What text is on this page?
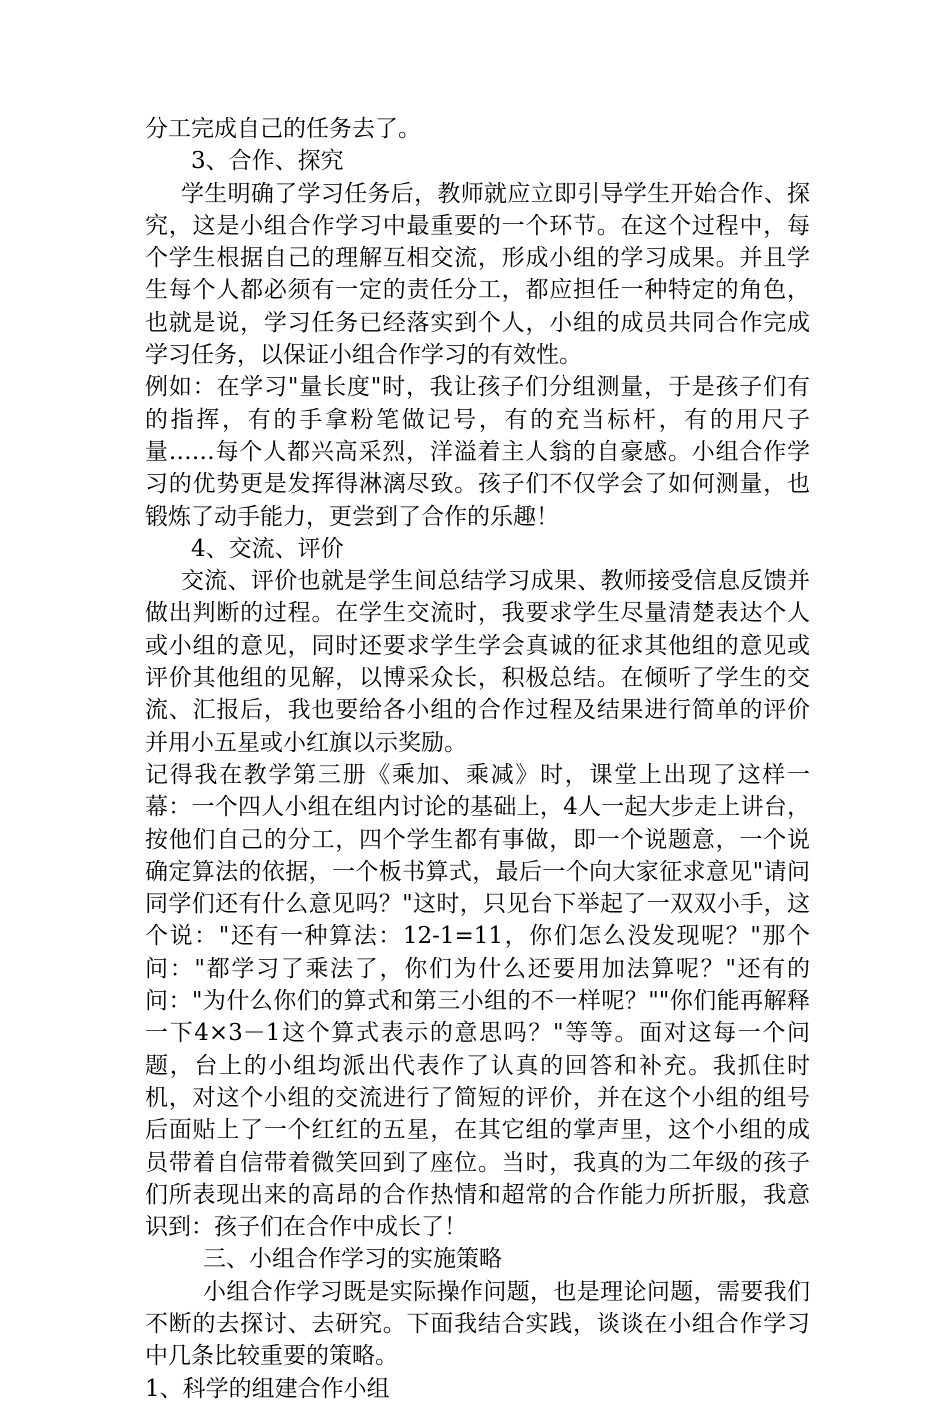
分工完成自己的任务去了。

3、合作、探究

学生明确了学习任务后，教师就应立即引导学生开始合作、探究，这是小组合作学习中最重要的一个环节。在这个过程中，每个学生根据自己的理解互相交流，形成小组的学习成果。并且学生每个人都必须有一定的责任分工，都应担任一种特定的角色，也就是说，学习任务已经落实到个人，小组的成员共同合作完成学习任务，以保证小组合作学习的有效性。

例如：在学习"量长度"时，我让孩子们分组测量，于是孩子们有的指挥，有的手拿粉笔做记号，有的充当标杆，有的用尺子量……每个人都兴高采烈，洋溢着主人翁的自豪感。小组合作学习的优势更是发挥得淋漓尽致。孩子们不仅学会了如何测量，也锻炼了动手能力，更尝到了合作的乐趣！

4、交流、评价

交流、评价也就是学生间总结学习成果、教师接受信息反馈并做出判断的过程。在学生交流时，我要求学生尽量清楚表达个人或小组的意见，同时还要求学生学会真诚的征求其他组的意见或评价其他组的见解，以博采众长，积极总结。在倾听了学生的交流、汇报后，我也要给各小组的合作过程及结果进行简单的评价并用小五星或小红旗以示奖励。

记得我在教学第三册《乘加、乘减》时，课堂上出现了这样一幕：一个四人小组在组内讨论的基础上，4人一起大步走上讲台，按他们自己的分工，四个学生都有事做，即一个说题意，一个说确定算法的依据，一个板书算式，最后一个向大家征求意见"请问同学们还有什么意见吗？"这时，只见台下举起了一双双小手，这个说："还有一种算法：12-1=11，你们怎么没发现呢？"那个问："都学习了乘法了，你们为什么还要用加法算呢？"还有的问："为什么你们的算式和第三小组的不一样呢？""你们能再解释一下4×3－1这个算式表示的意思吗？"等等。面对这每一个问题，台上的小组均派出代表作了认真的回答和补充。我抓住时机，对这个小组的交流进行了简短的评价，并在这个小组的组号后面贴上了一个红红的五星，在其它组的掌声里，这个小组的成员带着自信带着微笑回到了座位。当时，我真的为二年级的孩子们所表现出来的高昂的合作热情和超常的合作能力所折服，我意识到：孩子们在合作中成长了！

三、小组合作学习的实施策略

小组合作学习既是实际操作问题，也是理论问题，需要我们不断的去探讨、去研究。下面我结合实践，谈谈在小组合作学习中几条比较重要的策略。

1、科学的组建合作小组
